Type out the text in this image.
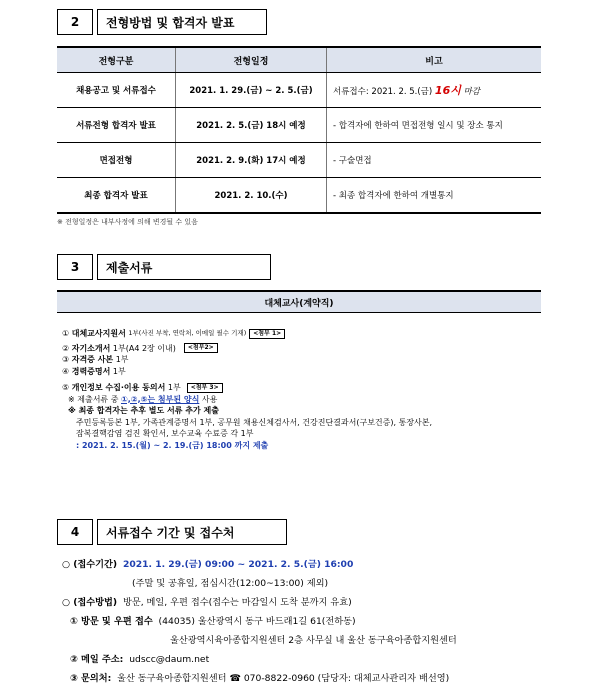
2	전형방법 및 합격자 발표
전형구분	전형일정	비고
채용공고 및 서류접수	2021. 1. 29.(금) ~ 2. 5.(금)	서류접수: 2021. 2. 5.(금) 16시 마감
서류전형 합격자 발표	2021. 2. 5.(금) 18시 예정	- 합격자에 한하여 면접전형 일시 및 장소 통지
면접전형	2021. 2. 9.(화) 17시 예정	- 구술면접
최종 합격자 발표	2021. 2. 10.(수)	- 최종 합격자에 한하여 개별통지
※ 전형일정은 내부사정에 의해 변경될 수 있음
3	제출서류
대체교사(계약직)
①
대체교사지원서
1부(사진 부착, 연락처, 이메일 필수 기재)	<첨부 1>
②
자기소개서
1부(A4 2장 이내)	<첨부2>
③
자격증 사본
1부
④
경력증명서
1부
⑤
개인정보 수집·이용 동의서
1부	<첨부 3>
※ 제출서류 중
①,②,⑤는 첨부된 양식
사용
※ 최종 합격자는 추후 별도 서류 추가 제출
주민등록등본 1부, 가족관계증명서 1부, 공무원 채용신체검사서, 건강진단결과서(구보건증), 통장사본,
잠복결핵감염 검진 확인서, 보수교육 수료증 각 1부
: 2021. 2. 15.(월) ~ 2. 19.(금) 18:00 까지 제출
4	서류접수 기간 및 접수처
○ (접수기간) 2021. 1. 29.(금) 09:00 ~ 2021. 2. 5.(금) 16:00
(주말 및 공휴일, 점심시간(12:00~13:00) 제외)
○ (접수방법) 방문, 메일, 우편 접수(접수는 마감일시 도착 분까지 유효)
① 방문 및 우편 접수 (44035) 울산광역시 동구 바드래1길 61(전하동)
울산광역시육아종합지원센터 2층 사무실 내 울산 동구육아종합지원센터
② 메일 주소: udscc@daum.net
③ 문의처: 울산 동구육아종합지원센터 ☎ 070-8822-0960 (담당자: 대체교사관리자 배선영)
